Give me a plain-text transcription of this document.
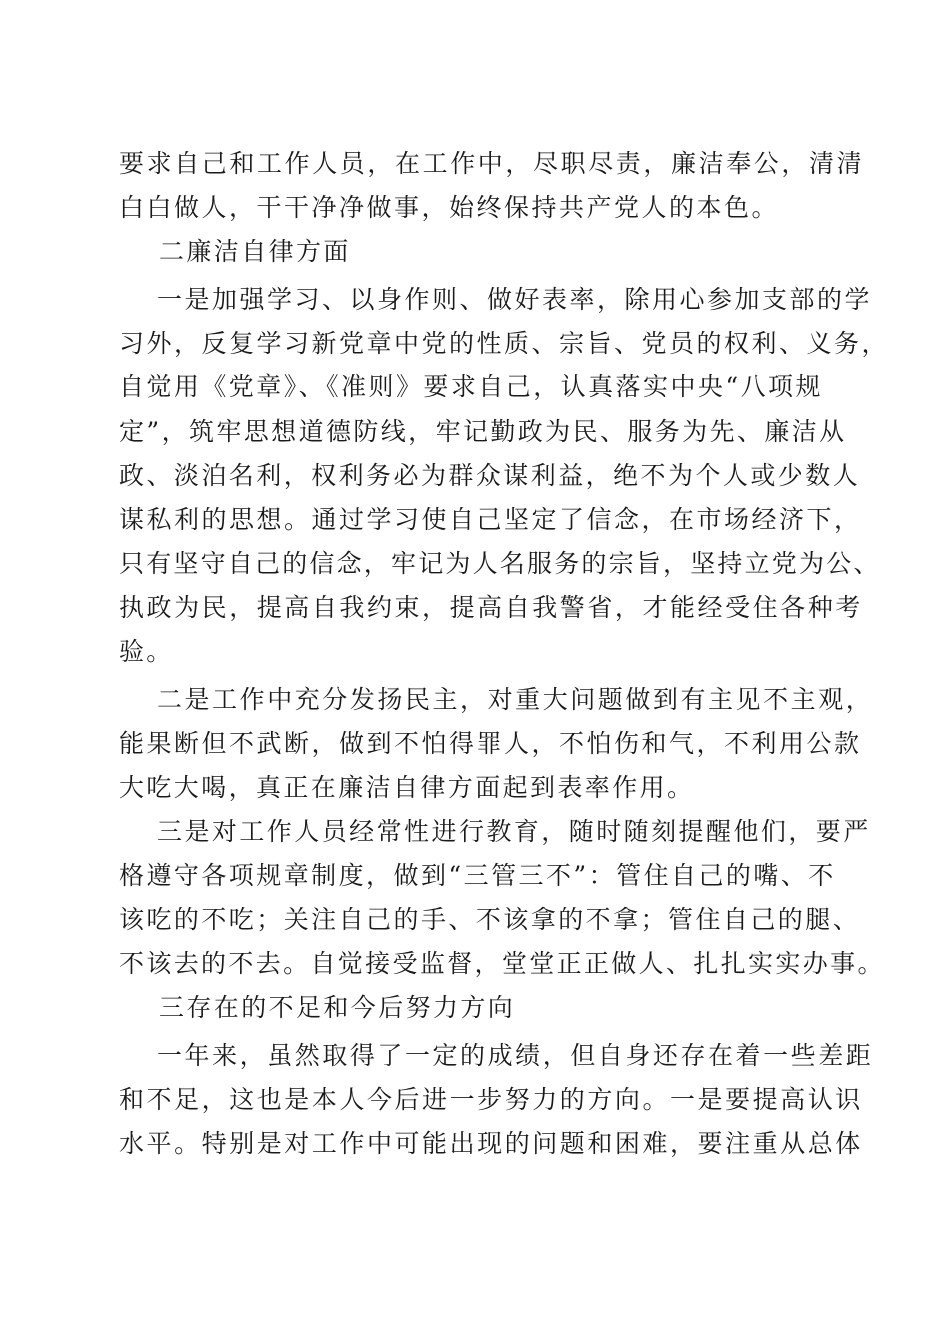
要求自己和工作人员，在工作中，尽职尽责，廉洁奉公，清清
白白做人，干干净净做事，始终保持共产党人的本色。
二廉洁自律方面
一是加强学习、以身作则、做好表率，除用心参加支部的学
习外，反复学习新党章中党的性质、宗旨、党员的权利、义务，
自觉用《党章》、《准则》要求自己，认真落实中央“八项规
定”，筑牢思想道德防线，牢记勤政为民、服务为先、廉洁从
政、淡泊名利，权利务必为群众谋利益，绝不为个人或少数人
谋私利的思想。通过学习使自己坚定了信念，在市场经济下，
只有坚守自己的信念，牢记为人名服务的宗旨，坚持立党为公、
执政为民，提高自我约束，提高自我警省，才能经受住各种考
验。
二是工作中充分发扬民主，对重大问题做到有主见不主观，
能果断但不武断，做到不怕得罪人，不怕伤和气，不利用公款
大吃大喝，真正在廉洁自律方面起到表率作用。
三是对工作人员经常性进行教育，随时随刻提醒他们，要严
格遵守各项规章制度，做到“三管三不”：管住自己的嘴、不
该吃的不吃；关注自己的手、不该拿的不拿；管住自己的腿、
不该去的不去。自觉接受监督，堂堂正正做人、扎扎实实办事。
三存在的不足和今后努力方向
一年来，虽然取得了一定的成绩，但自身还存在着一些差距
和不足，这也是本人今后进一步努力的方向。一是要提高认识
水平。特别是对工作中可能出现的问题和困难，要注重从总体
